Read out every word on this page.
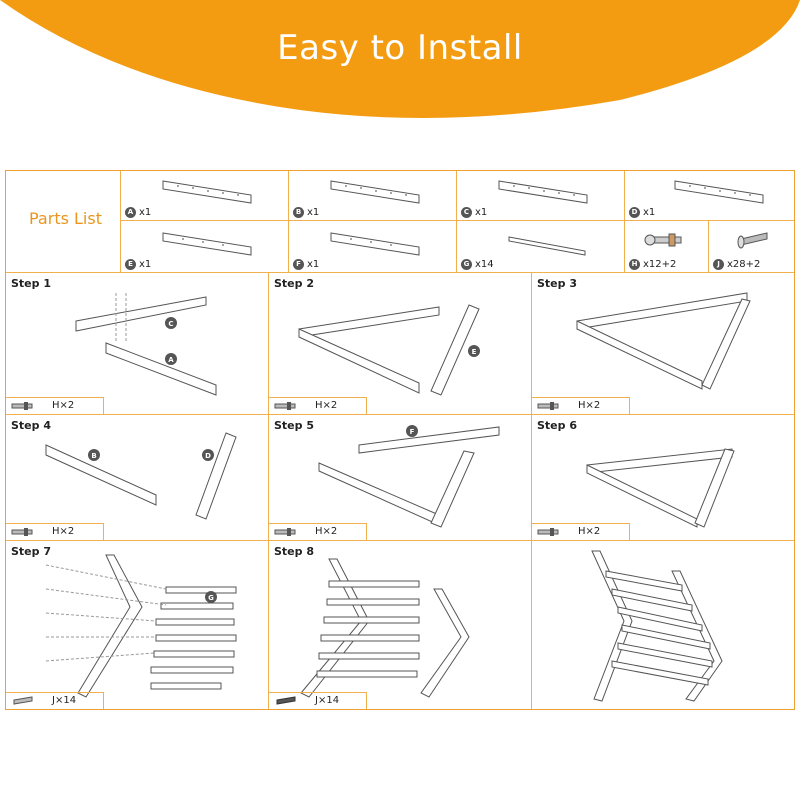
Easy to Install
Parts List	A x1	B x1	C x1	D x1
E x1	F x1	G x14	H x12+2	J x28+2
Step 1
C
A
H×2
Step 2
E
H×2
Step 3
H×2
Step 4
B	D
H×2
Step 5	F
H×2
Step 6
H×2
Step 7
G
J×14
Step 8
J×14
